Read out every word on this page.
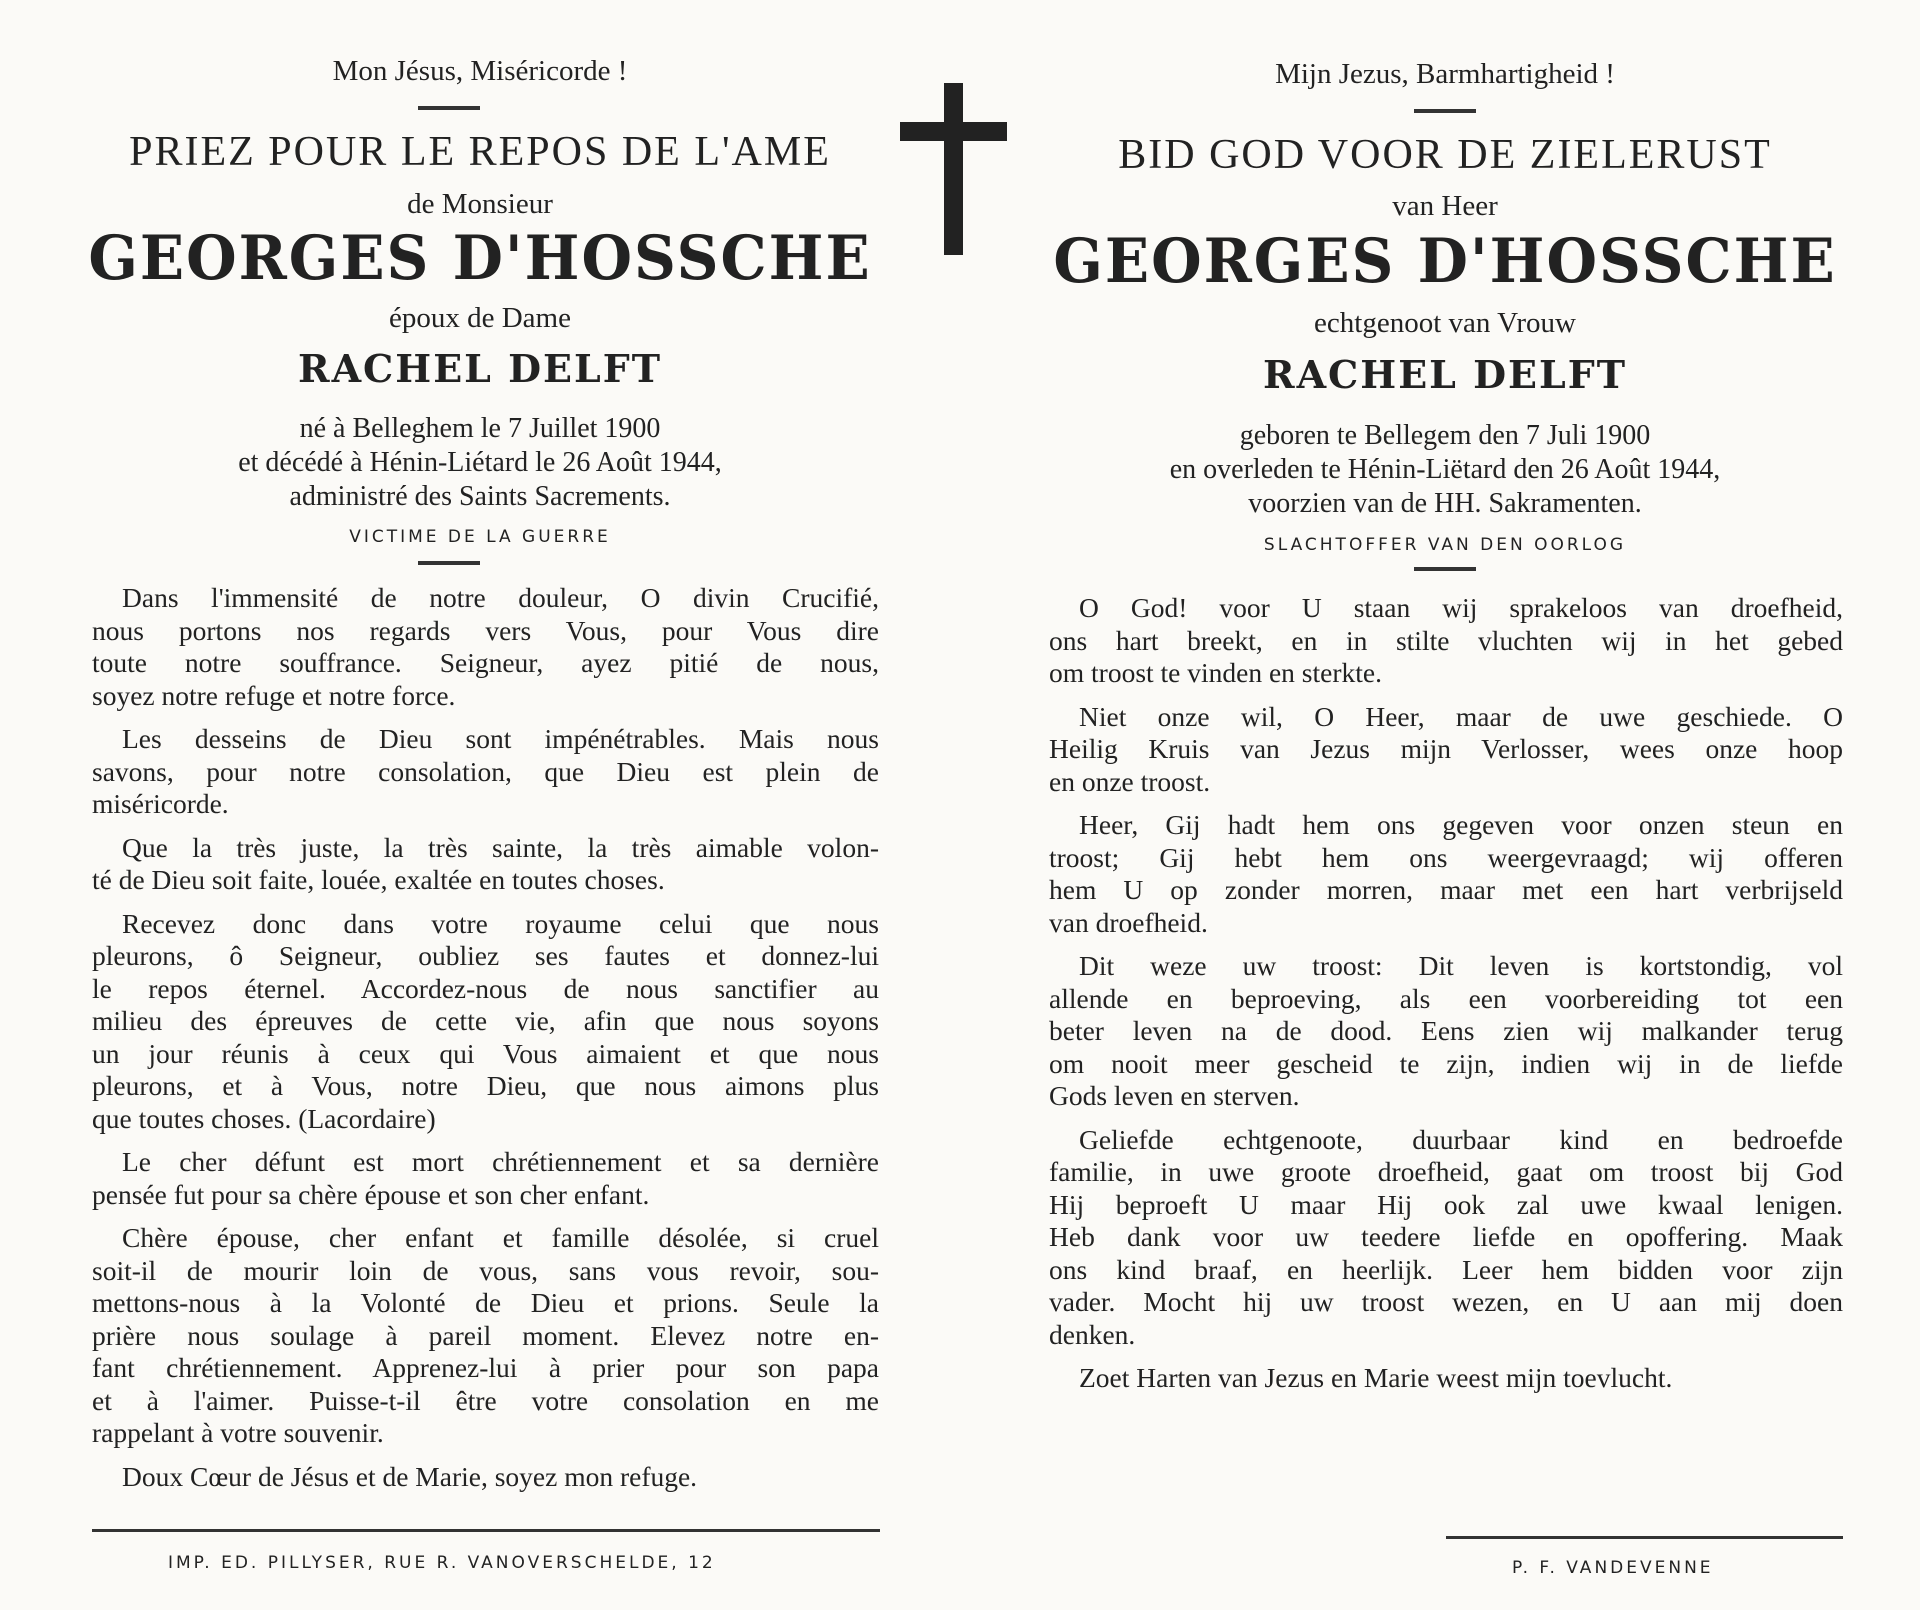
Mon Jésus, Miséricorde !
PRIEZ POUR LE REPOS DE L'AME
de Monsieur
GEORGES D'HOSSCHE
époux de Dame
RACHEL DELFT
né à Belleghem le 7 Juillet 1900
et décédé à Hénin-Liétard le 26 Août 1944,
administré des Saints Sacrements.
VICTIME DE LA GUERRE
Dans l'immensité de notre douleur, O divin Crucifié,
nous portons nos regards vers Vous, pour Vous dire
toute notre souffrance. Seigneur, ayez pitié de nous,
soyez notre refuge et notre force.
Les desseins de Dieu sont impénétrables. Mais nous
savons, pour notre consolation, que Dieu est plein de
miséricorde.
Que la très juste, la très sainte, la très aimable volon-
té de Dieu soit faite, louée, exaltée en toutes choses.
Recevez donc dans votre royaume celui que nous
pleurons, ô Seigneur, oubliez ses fautes et donnez-lui
le repos éternel. Accordez-nous de nous sanctifier au
milieu des épreuves de cette vie, afin que nous soyons
un jour réunis à ceux qui Vous aimaient et que nous
pleurons, et à Vous, notre Dieu, que nous aimons plus
que toutes choses. (Lacordaire)
Le cher défunt est mort chrétiennement et sa dernière
pensée fut pour sa chère épouse et son cher enfant.
Chère épouse, cher enfant et famille désolée, si cruel
soit-il de mourir loin de vous, sans vous revoir, sou-
mettons-nous à la Volonté de Dieu et prions. Seule la
prière nous soulage à pareil moment. Elevez notre en-
fant chrétiennement. Apprenez-lui à prier pour son papa
et à l'aimer. Puisse-t-il être votre consolation en me
rappelant à votre souvenir.
Doux Cœur de Jésus et de Marie, soyez mon refuge.
IMP. ED. PILLYSER, RUE R. VANOVERSCHELDE, 12
Mijn Jezus, Barmhartigheid !
BID GOD VOOR DE ZIELERUST
van Heer
GEORGES D'HOSSCHE
echtgenoot van Vrouw
RACHEL DELFT
geboren te Bellegem den 7 Juli 1900
en overleden te Hénin-Liëtard den 26 Août 1944,
voorzien van de HH. Sakramenten.
SLACHTOFFER VAN DEN OORLOG
O God! voor U staan wij sprakeloos van droefheid,
ons hart breekt, en in stilte vluchten wij in het gebed
om troost te vinden en sterkte.
Niet onze wil, O Heer, maar de uwe geschiede. O
Heilig Kruis van Jezus mijn Verlosser, wees onze hoop
en onze troost.
Heer, Gij hadt hem ons gegeven voor onzen steun en
troost; Gij hebt hem ons weergevraagd; wij offeren
hem U op zonder morren, maar met een hart verbrijseld
van droefheid.
Dit weze uw troost: Dit leven is kortstondig, vol
allende en beproeving, als een voorbereiding tot een
beter leven na de dood. Eens zien wij malkander terug
om nooit meer gescheid te zijn, indien wij in de liefde
Gods leven en sterven.
Geliefde echtgenoote, duurbaar kind en bedroefde
familie, in uwe groote droefheid, gaat om troost bij God
Hij beproeft U maar Hij ook zal uwe kwaal lenigen.
Heb dank voor uw teedere liefde en opoffering. Maak
ons kind braaf, en heerlijk. Leer hem bidden voor zijn
vader. Mocht hij uw troost wezen, en U aan mij doen
denken.
Zoet Harten van Jezus en Marie weest mijn toevlucht.
P. F. VANDEVENNE
